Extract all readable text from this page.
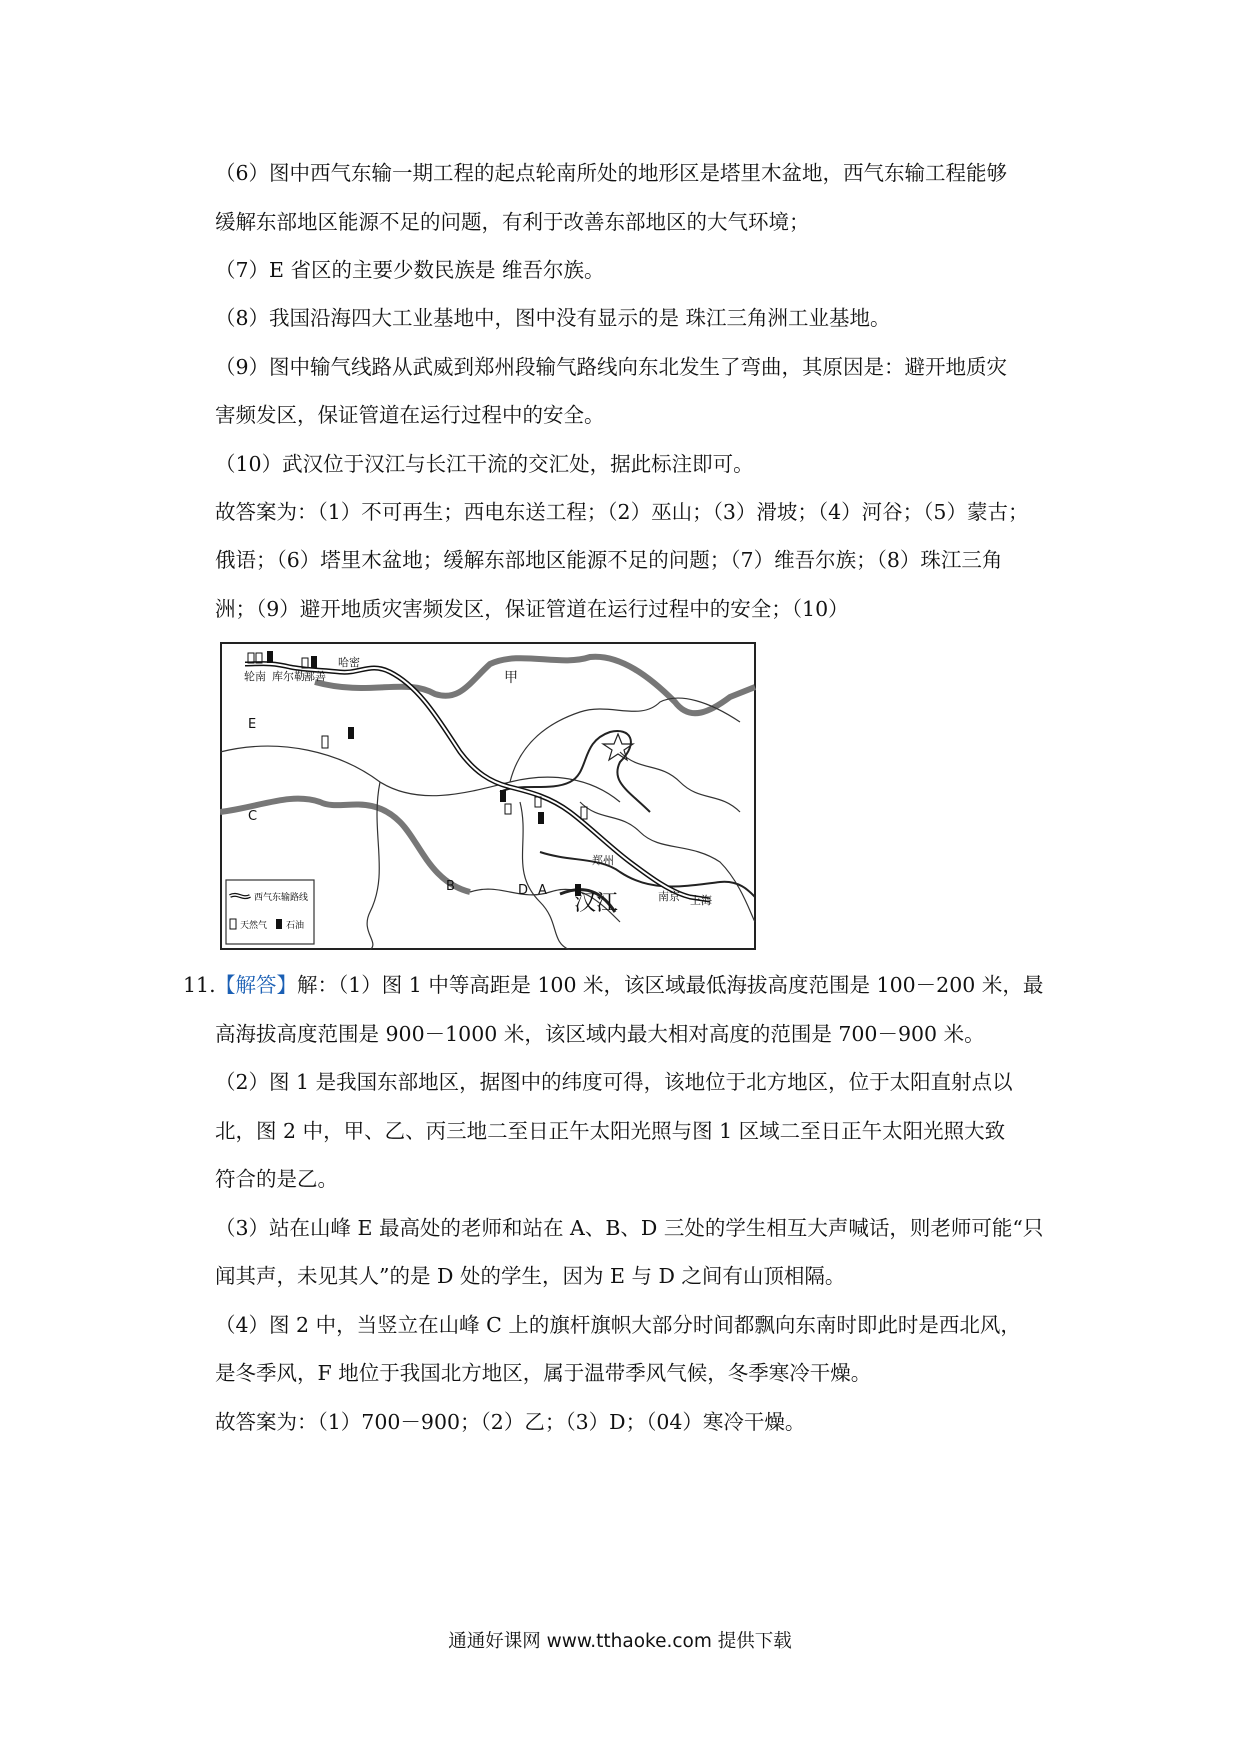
（6）图中西气东输一期工程的起点轮南所处的地形区是塔里木盆地，西气东输工程能够
缓解东部地区能源不足的问题，有利于改善东部地区的大气环境；
（7）E 省区的主要少数民族是 维吾尔族。
（8）我国沿海四大工业基地中，图中没有显示的是 珠江三角洲工业基地。
（9）图中输气线路从武威到郑州段输气路线向东北发生了弯曲，其原因是：避开地质灾
害频发区，保证管道在运行过程中的安全。
（10）武汉位于汉江与长江干流的交汇处，据此标注即可。
故答案为：（1）不可再生；西电东送工程；（2）巫山；（3）滑坡；（4）河谷；（5）蒙古；
俄语；（6）塔里木盆地；缓解东部地区能源不足的问题；（7）维吾尔族；（8）珠江三角
洲；（9）避开地质灾害频发区，保证管道在运行过程中的安全；（10）
轮南 库尔勒 鄯善
哈密
甲
E
C
B	D A
郑州
南京 上海
汉江
西气东输路线
天然气 石油
11. 【解答】解：（1）图 1 中等高距是 100 米，该区域最低海拔高度范围是 100－200 米，最
高海拔高度范围是 900－1000 米，该区域内最大相对高度的范围是 700－900 米。
（2）图 1 是我国东部地区，据图中的纬度可得，该地位于北方地区，位于太阳直射点以
北，图 2 中，甲、乙、丙三地二至日正午太阳光照与图 1 区域二至日正午太阳光照大致
符合的是乙。
（3）站在山峰 E 最高处的老师和站在 A、B、D 三处的学生相互大声喊话，则老师可能“只
闻其声，未见其人”的是 D 处的学生，因为 E 与 D 之间有山顶相隔。
（4）图 2 中，当竖立在山峰 C 上的旗杆旗帜大部分时间都飘向东南时即此时是西北风，
是冬季风，F 地位于我国北方地区，属于温带季风气候，冬季寒冷干燥。
故答案为：（1）700－900；（2）乙；（3）D；（04）寒冷干燥。
通通好课网 www.tthaoke.com 提供下载
